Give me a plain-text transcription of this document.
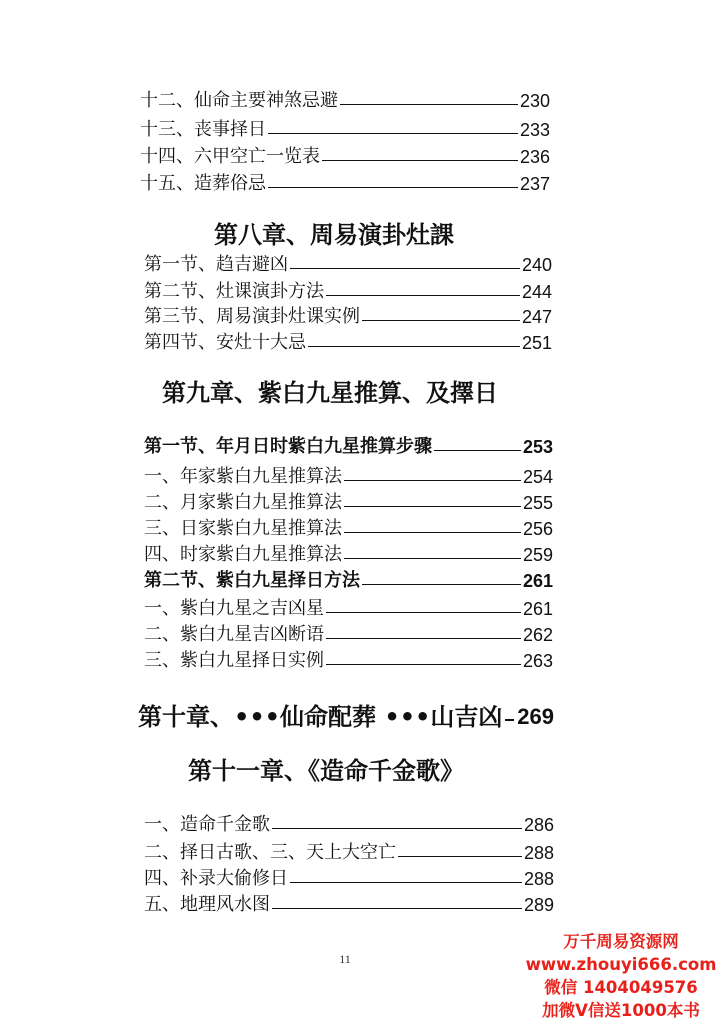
十二、仙命主要神煞忌避	230
十三、丧事择日	233
十四、六甲空亡一览表	236
十五、造葬俗忌	237
第八章、周易演卦灶課
第一节、趋吉避凶	240
第二节、灶课演卦方法	244
第三节、周易演卦灶课实例	247
第四节、安灶十大忌	251
第九章、紫白九星推算、及擇日
第一节、年月日时紫白九星推算步骤	253
一、年家紫白九星推算法	254
二、月家紫白九星推算法	255
三、日家紫白九星推算法	256
四、时家紫白九星推算法	259
第二节、紫白九星择日方法	261
一、紫白九星之吉凶星	261
二、紫白九星吉凶断语	262
三、紫白九星择日实例	263
第十章、•••仙命配葬 •••山吉凶 269
第十一章、《造命千金歌》
一、造命千金歌	286
二、择日古歌、三、天上大空亡	288
四、补录大偷修日	288
五、地理风水图	289
11
万千周易资源网
www.zhouyi666.com
微信 1404049576
加微V信送1000本书
